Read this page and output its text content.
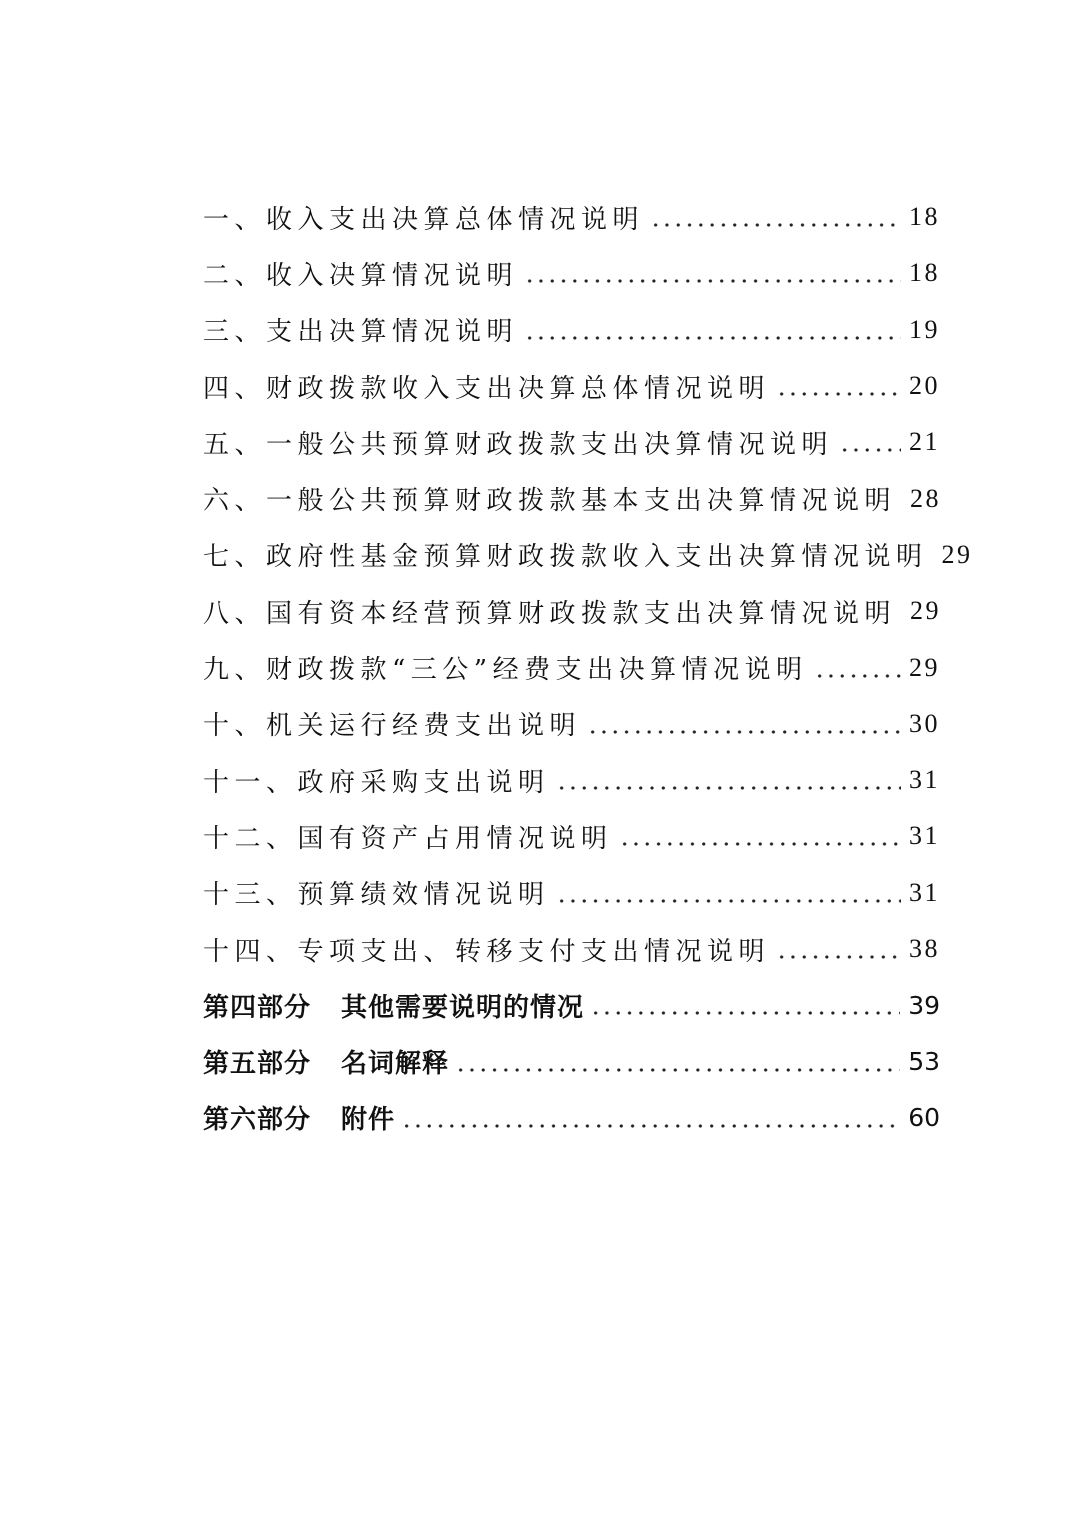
一、收入支出决算总体情况说明	18
二、收入决算情况说明	18
三、支出决算情况说明	19
四、财政拨款收入支出决算总体情况说明	20
五、一般公共预算财政拨款支出决算情况说明	21
六、一般公共预算财政拨款基本支出决算情况说明 28
七、政府性基金预算财政拨款收入支出决算情况说明 29
八、国有资本经营预算财政拨款支出决算情况说明 29
九、财政拨款“三公”经费支出决算情况说明	29
十、机关运行经费支出说明	30
十一、政府采购支出说明	31
十二、国有资产占用情况说明	31
十三、预算绩效情况说明	31
十四、专项支出、转移支付支出情况说明	38
第四部分 其他需要说明的情况	39
第五部分 名词解释	53
第六部分 附件	60
